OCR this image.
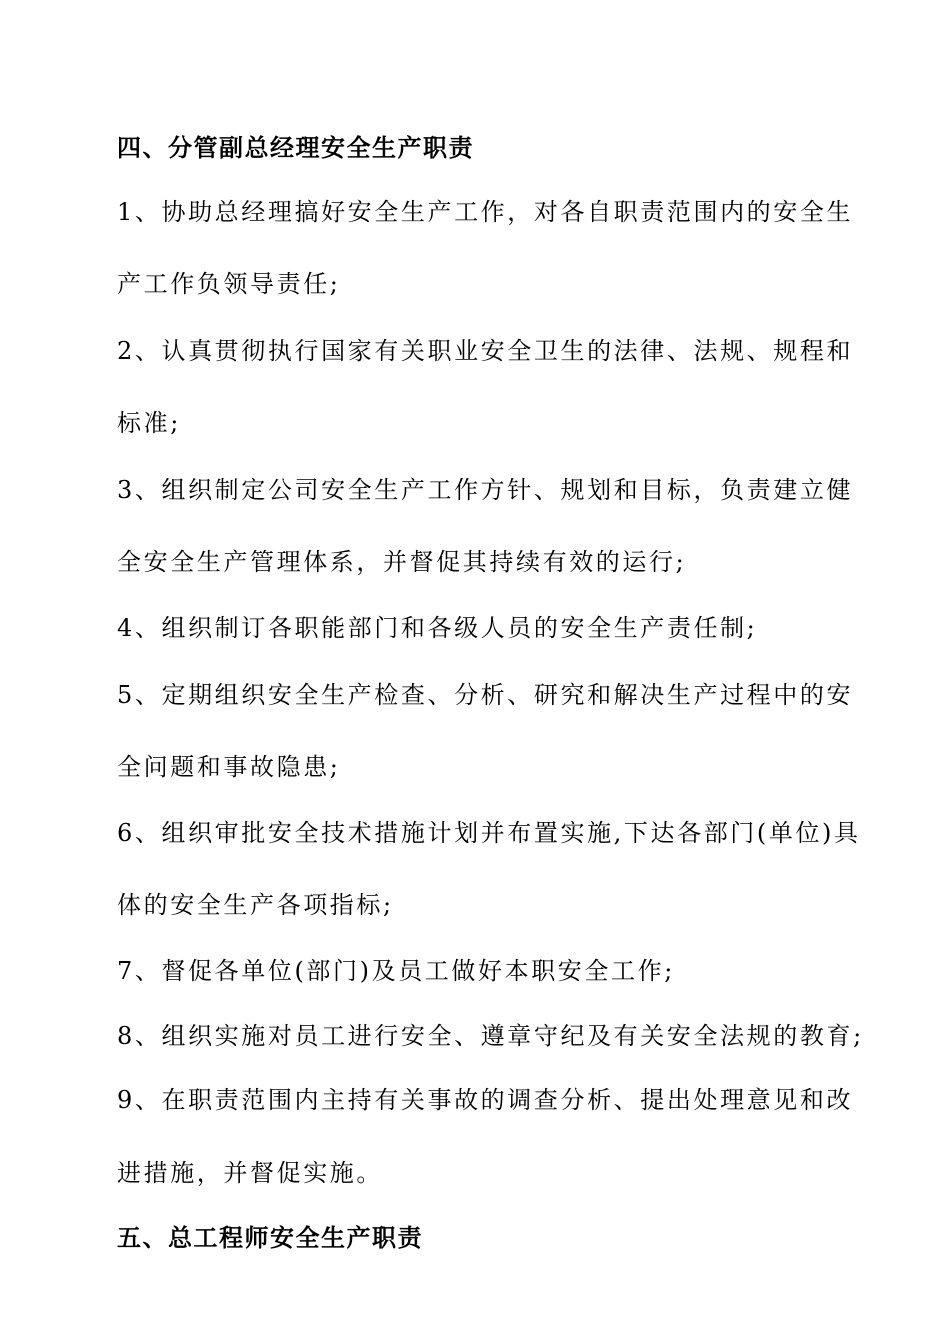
四、分管副总经理安全生产职责
1、协助总经理搞好安全生产工作，对各自职责范围内的安全生
产工作负领导责任;
2、认真贯彻执行国家有关职业安全卫生的法律、法规、规程和
标准;
3、组织制定公司安全生产工作方针、规划和目标，负责建立健
全安全生产管理体系，并督促其持续有效的运行;
4、组织制订各职能部门和各级人员的安全生产责任制;
5、定期组织安全生产检查、分析、研究和解决生产过程中的安
全问题和事故隐患;
6、组织审批安全技术措施计划并布置实施,下达各部门(单位)具
体的安全生产各项指标;
7、督促各单位(部门)及员工做好本职安全工作;
8、组织实施对员工进行安全、遵章守纪及有关安全法规的教育;
9、在职责范围内主持有关事故的调查分析、提出处理意见和改
进措施，并督促实施。
五、总工程师安全生产职责
